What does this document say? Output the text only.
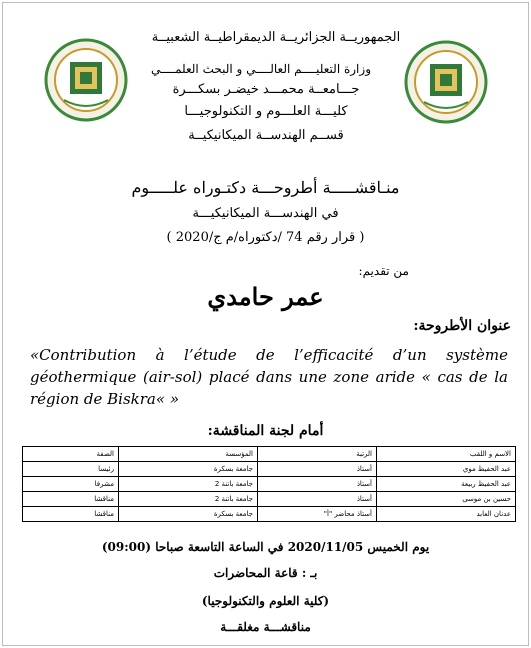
الجمهوريــة الجزائريــة الديمقراطيــة الشعبيــة
وزارة التعليــــم العالــــي و البحث العلمــــي
جـــامعــة محمـــد خيضـر بسكـــرة
كليـــة العلـــوم و التكنولوجيـــا
قســم الهندســة الميكانيكيــة
منـاقشـــــة أطروحـــة دكتـوراه علـــــوم
في الهندســـة الميكانيكيـــة
( قرار رقم 74 /دكتوراه/م ج/2020 )
من تقديم:
عمر حامدي
عنوان الأطروحة:
«Contribution à l’étude de l’efficacité d’un système géothermique (air-sol) placé dans une zone aride « cas de la région de Biskra« »
أمام لجنة المناقشة:
الاسم و اللقب	الرتبة	المؤسسة	الصفة
عبد الحفيظ موي	أستاذ	جامعة بسكرة	رئيسا
عبد الحفيظ ربيعة	أستاذ	جامعة باتنة 2	مشرفا
حسين بن موسى	أستاذ	جامعة باتنة 2	مناقشا
عدنان العابد	أستاذ محاضر "أ"	جامعة بسكرة	مناقشا
يوم الخميس 2020/11/05 في الساعة التاسعة صباحا (09:00)
بـ : قاعة المحاضرات
(كلية العلوم والتكنولوجيا)
مناقشـــة مغلقـــة
